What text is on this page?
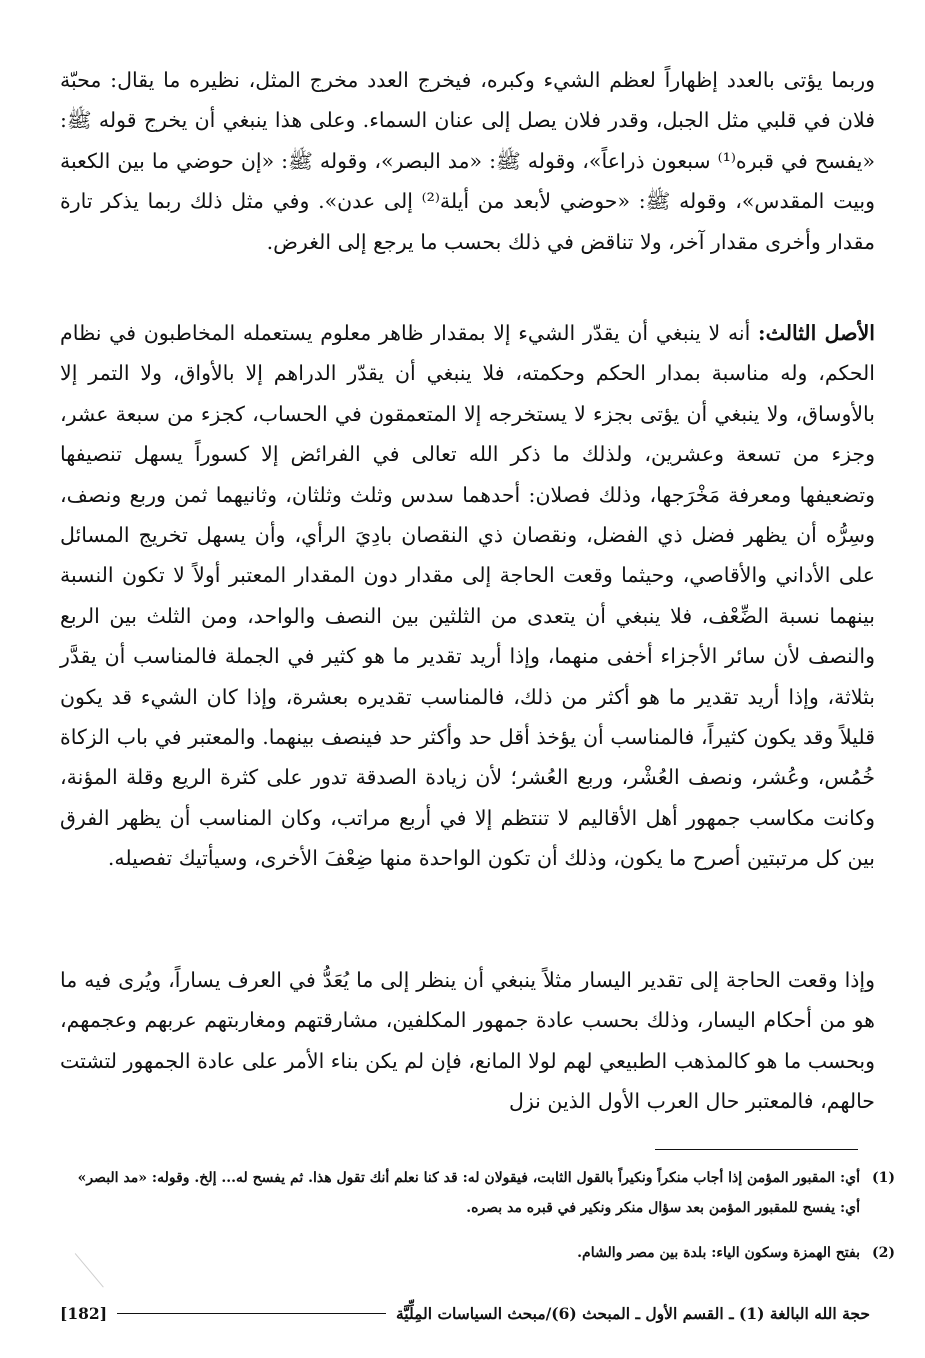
وربما يؤتى بالعدد إظهاراً لعظم الشيء وكبره، فيخرج العدد مخرج المثل، نظيره ما يقال: محبّة فلان في قلبي مثل الجبل، وقدر فلان يصل إلى عنان السماء. وعلى هذا ينبغي أن يخرج قوله ﷺ: «يفسح في قبره⁽¹⁾ سبعون ذراعاً»، وقوله ﷺ: «مد البصر»، وقوله ﷺ: «إن حوضي ما بين الكعبة وبيت المقدس»، وقوله ﷺ: «حوضي لأبعد من أيلة⁽²⁾ إلى عدن». وفي مثل ذلك ربما يذكر تارة مقدار وأخرى مقدار آخر، ولا تناقض في ذلك بحسب ما يرجع إلى الغرض.

الأصل الثالث: أنه لا ينبغي أن يقدّر الشيء إلا بمقدار ظاهر معلوم يستعمله المخاطبون في نظام الحكم، وله مناسبة بمدار الحكم وحكمته، فلا ينبغي أن يقدّر الدراهم إلا بالأواق، ولا التمر إلا بالأوساق، ولا ينبغي أن يؤتى بجزء لا يستخرجه إلا المتعمقون في الحساب، كجزء من سبعة عشر، وجزء من تسعة وعشرين، ولذلك ما ذكر الله تعالى في الفرائض إلا كسوراً يسهل تنصيفها وتضعيفها ومعرفة مَخْرَجها، وذلك فصلان: أحدهما سدس وثلث وثلثان، وثانيهما ثمن وربع ونصف، وسِرُّه أن يظهر فضل ذي الفضل، ونقصان ذي النقصان بادِيَ الرأي، وأن يسهل تخريج المسائل على الأداني والأقاصي، وحيثما وقعت الحاجة إلى مقدار دون المقدار المعتبر أولاً لا تكون النسبة بينهما نسبة الضِّعْف، فلا ينبغي أن يتعدى من الثلثين بين النصف والواحد، ومن الثلث بين الربع والنصف لأن سائر الأجزاء أخفى منهما، وإذا أريد تقدير ما هو كثير في الجملة فالمناسب أن يقدَّر بثلاثة، وإذا أريد تقدير ما هو أكثر من ذلك، فالمناسب تقديره بعشرة، وإذا كان الشيء قد يكون قليلاً وقد يكون كثيراً، فالمناسب أن يؤخذ أقل حد وأكثر حد فينصف بينهما. والمعتبر في باب الزكاة خُمُس، وعُشر، ونصف العُشْر، وربع العُشر؛ لأن زيادة الصدقة تدور على كثرة الريع وقلة المؤنة، وكانت مكاسب جمهور أهل الأقاليم لا تنتظم إلا في أربع مراتب، وكان المناسب أن يظهر الفرق بين كل مرتبتين أصرح ما يكون، وذلك أن تكون الواحدة منها ضِعْفَ الأخرى، وسيأتيك تفصيله.

وإذا وقعت الحاجة إلى تقدير اليسار مثلاً ينبغي أن ينظر إلى ما يُعَدُّ في العرف يساراً، ويُرى فيه ما هو من أحكام اليسار، وذلك بحسب عادة جمهور المكلفين، مشارقتهم ومغاربتهم عربهم وعجمهم، وبحسب ما هو كالمذهب الطبيعي لهم لولا المانع، فإن لم يكن بناء الأمر على عادة الجمهور لتشتت حالهم، فالمعتبر حال العرب الأول الذين نزل

(1)
أي: المقبور المؤمن إذا أجاب منكراً ونكيراً بالقول الثابت، فيقولان له: قد كنا نعلم أنك تقول هذا. ثم يفسح له... إلخ. وقوله: «مد البصر» أي: يفسح للمقبور المؤمن بعد سؤال منكر ونكير في قبره مد بصره.
(2)
بفتح الهمزة وسكون الياء: بلدة بين مصر والشام.
حجة الله البالغة (1) ـ القسم الأول ـ المبحث (6)/مبحث السياسات المِلِّيَّة
[182]
